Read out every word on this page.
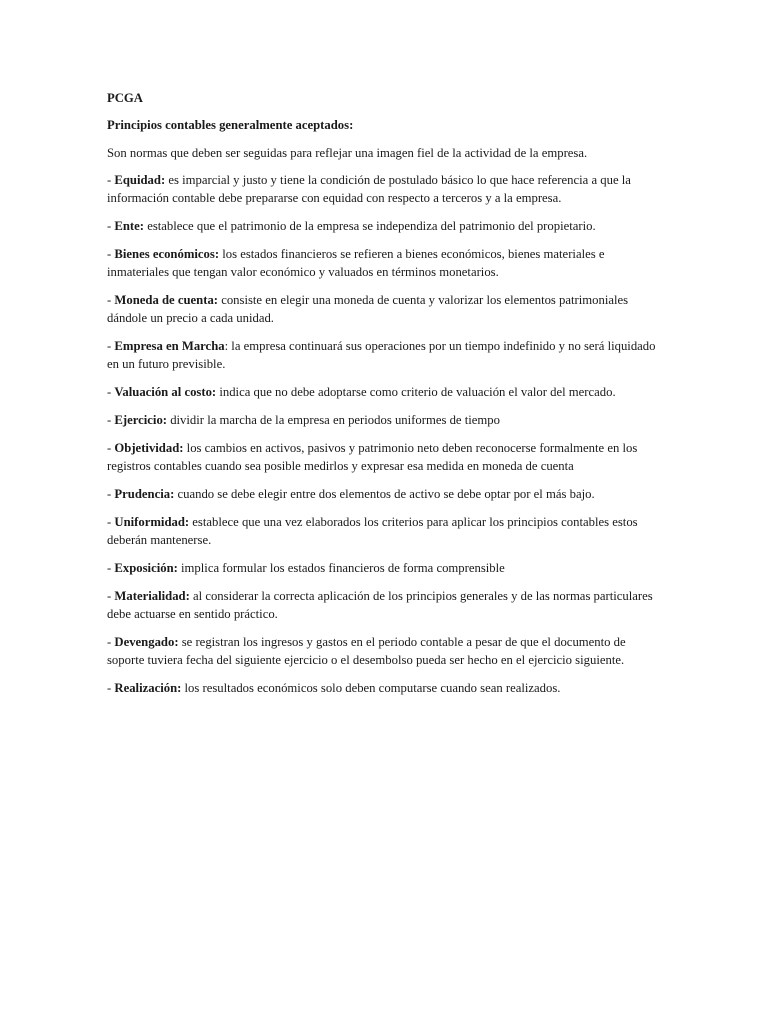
PCGA

Principios contables generalmente aceptados:

Son normas que deben ser seguidas para reflejar una imagen fiel de la actividad de la empresa.

- Equidad: es imparcial y justo y tiene la condición de postulado básico lo que hace referencia a que la información contable debe prepararse con equidad con respecto a terceros y a la empresa.

- Ente: establece que el patrimonio de la empresa se independiza del patrimonio del propietario.

- Bienes económicos: los estados financieros se refieren a bienes económicos, bienes materiales e inmateriales que tengan valor económico y valuados en términos monetarios.

- Moneda de cuenta: consiste en elegir una moneda de cuenta y valorizar los elementos patrimoniales dándole un precio a cada unidad.

- Empresa en Marcha: la empresa continuará sus operaciones por un tiempo indefinido y no será liquidado en un futuro previsible.

- Valuación al costo: indica que no debe adoptarse como criterio de valuación el valor del mercado.

- Ejercicio: dividir la marcha de la empresa en periodos uniformes de tiempo

- Objetividad: los cambios en activos, pasivos y patrimonio neto deben reconocerse formalmente en los registros contables cuando sea posible medirlos y expresar esa medida en moneda de cuenta

- Prudencia: cuando se debe elegir entre dos elementos de activo se debe optar por el más bajo.

- Uniformidad: establece que una vez elaborados los criterios para aplicar los principios contables estos deberán mantenerse.

- Exposición: implica formular los estados financieros de forma comprensible

- Materialidad: al considerar la correcta aplicación de los principios generales y de las normas particulares debe actuarse en sentido práctico.

- Devengado: se registran los ingresos y gastos en el periodo contable a pesar de que el documento de soporte tuviera fecha del siguiente ejercicio o el desembolso pueda ser hecho en el ejercicio siguiente.

- Realización: los resultados económicos solo deben computarse cuando sean realizados.
